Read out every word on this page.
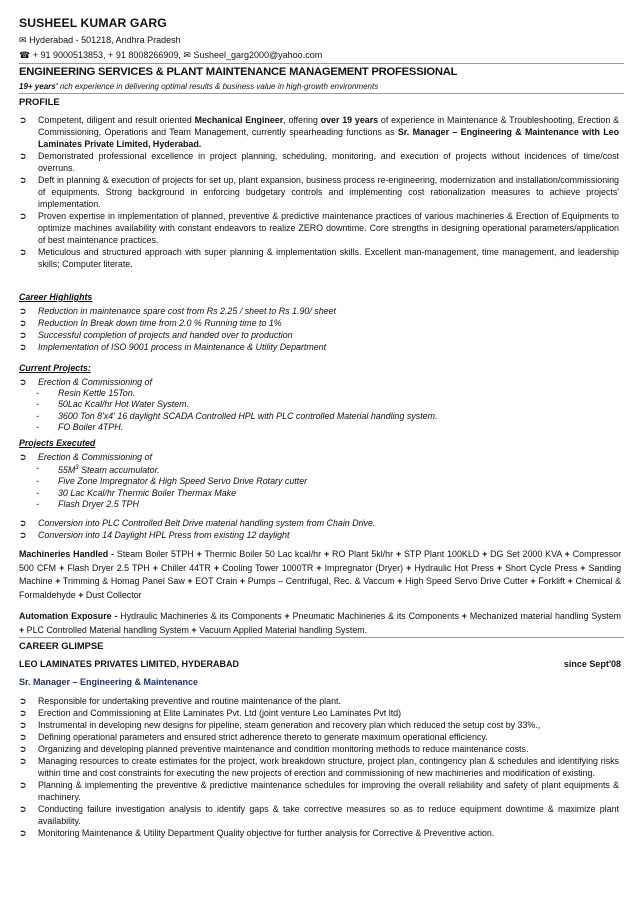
SUSHEEL KUMAR GARG
✉ Hyderabad - 501218, Andhra Pradesh
☎ + 91 9000513853, + 91 8008266909, ✉ Susheel_garg2000@yahoo.com
ENGINEERING SERVICES & PLANT MAINTENANCE MANAGEMENT PROFESSIONAL
19+ years' rich experience in delivering optimal results & business value in high-growth environments
PROFILE
➲ Competent, diligent and result oriented Mechanical Engineer, offering over 19 years of experience in Maintenance & Troubleshooting, Erection & Commissioning, Operations and Team Management, currently spearheading functions as Sr. Manager – Engineering & Maintenance with Leo Laminates Private Limited, Hyderabad.
➲ Demonstrated professional excellence in project planning, scheduling, monitoring, and execution of projects without incidences of time/cost overruns.
➲ Deft in planning & execution of projects for set up, plant expansion, business process re-engineering, modernization and installation/commissioning of equipments. Strong background in enforcing budgetary controls and implementing cost rationalization measures to achieve projects' implementation.
➲ Proven expertise in implementation of planned, preventive & predictive maintenance practices of various machineries & Erection of Equipments to optimize machines availability with constant endeavors to realize ZERO downtime. Core strengths in designing operational parameters/application of best maintenance practices.
➲ Meticulous and structured approach with super planning & implementation skills. Excellent man-management, time management, and leadership skills; Computer literate.
Career Highlights
➲ Reduction in maintenance spare cost from Rs 2.25 / sheet to Rs 1.90/ sheet
➲ Reduction In Break down time from 2.0 % Running time to 1%
➲ Successful completion of projects and handed over to production
➲ Implementation of ISO 9001 process in Maintenance & Utility Department
Current Projects:
➲ Erection & Commissioning of
- Resin Kettle 15Ton.
- 50Lac Kcal/hr Hot Water System.
- 3600 Ton 8'x4' 16 daylight SCADA Controlled HPL with PLC controlled Material handling system.
- FO Boiler 4TPH.
Projects Executed
➲ Erection & Commissioning of
- $55M^3$ Steam accumulator.
- Five Zone Impregnator & High Speed Servo Drive Rotary cutter
- 30 Lac Kcal/hr Thermic Boiler Thermax Make
- Flash Dryer 2.5 TPH
➲ Conversion into PLC Controlled Belt Drive material handling system from Chain Drive.
➲ Conversion into 14 Daylight HPL Press from existing 12 daylight
Machineries Handled - Steam Boiler 5TPH + Thermic Boiler 50 Lac kcal/hr + RO Plant 5kl/hr + STP Plant 100KLD + DG Set 2000 KVA + Compressor 500 CFM + Flash Dryer 2.5 TPH + Chiller 44TR + Cooling Tower 1000TR + Impregnator (Dryer) + Hydraulic Hot Press + Short Cycle Press + Sanding Machine + Trimming & Homag Panel Saw + EOT Crain + Pumps – Centrifugal, Rec. & Vaccum + High Speed Servo Drive Cutter + Forklift + Chemical & Formaldehyde + Dust Collector
Automation Exposure - Hydraulic Machineries & its Components + Pneumatic Machineries & its Components + Mechanized material handling System + PLC Controlled Material handling System + Vacuum Applied Material handling System.
CAREER GLIMPSE
LEO LAMINATES PRIVATES LIMITED, HYDERABAD	since Sept'08
Sr. Manager – Engineering & Maintenance
➲ Responsible for undertaking preventive and routine maintenance of the plant.
➲ Erection and Commissioning at Elite Laminates Pvt. Ltd (joint venture Leo Laminates Pvt ltd)
➲ Instrumental in developing new designs for pipeline, steam generation and recovery plan which reduced the setup cost by 33%.,
➲ Defining operational parameters and ensured strict adherence thereto to generate maximum operational efficiency.
➲ Organizing and developing planned preventive maintenance and condition monitoring methods to reduce maintenance costs.
➲ Managing resources to create estimates for the project, work breakdown structure, project plan, contingency plan & schedules and identifying risks within time and cost constraints for executing the new projects of erection and commissioning of new machineries and modification of existing.
➲ Planning & implementing the preventive & predictive maintenance schedules for improving the overall reliability and safety of plant equipments & machinery.
➲ Conducting failure investigation analysis to identify gaps & take corrective measures so as to reduce equipment downtime & maximize plant availability.
➲ Monitoring Maintenance & Utility Department Quality objective for further analysis for Corrective & Preventive action.
